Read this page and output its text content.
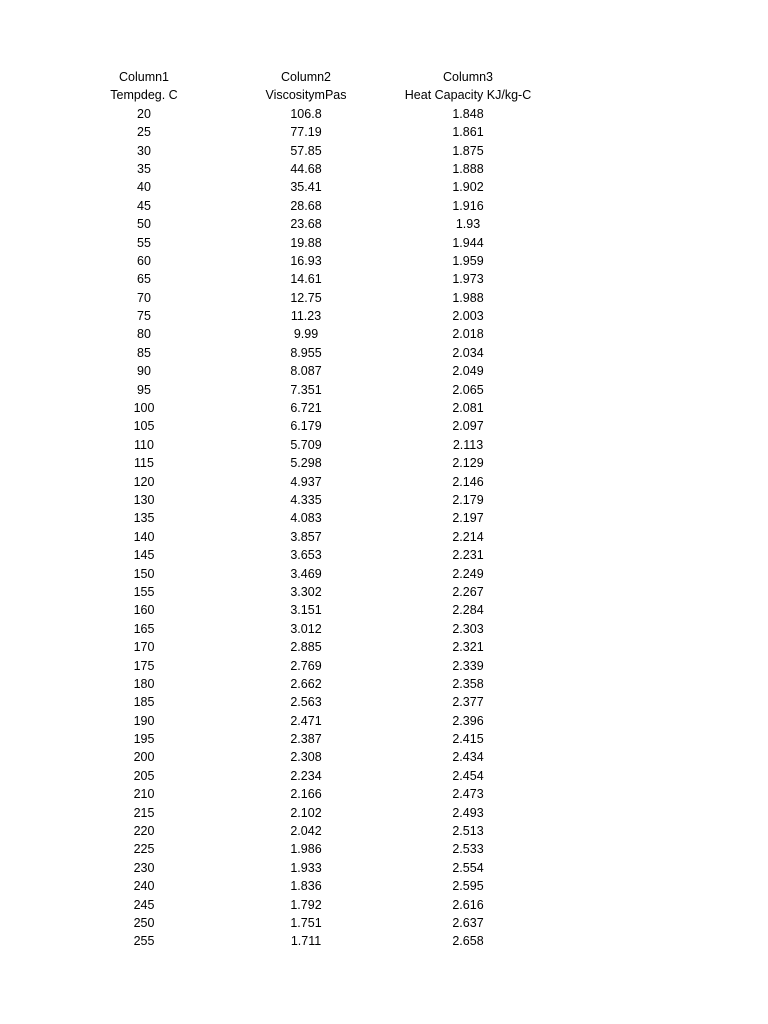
Column1	Column2	Column3
Tempdeg. C	ViscositymPas	Heat Capacity KJ/kg-C
20	106.8	1.848
25	77.19	1.861
30	57.85	1.875
35	44.68	1.888
40	35.41	1.902
45	28.68	1.916
50	23.68	1.93
55	19.88	1.944
60	16.93	1.959
65	14.61	1.973
70	12.75	1.988
75	11.23	2.003
80	9.99	2.018
85	8.955	2.034
90	8.087	2.049
95	7.351	2.065
100	6.721	2.081
105	6.179	2.097
110	5.709	2.113
115	5.298	2.129
120	4.937	2.146
130	4.335	2.179
135	4.083	2.197
140	3.857	2.214
145	3.653	2.231
150	3.469	2.249
155	3.302	2.267
160	3.151	2.284
165	3.012	2.303
170	2.885	2.321
175	2.769	2.339
180	2.662	2.358
185	2.563	2.377
190	2.471	2.396
195	2.387	2.415
200	2.308	2.434
205	2.234	2.454
210	2.166	2.473
215	2.102	2.493
220	2.042	2.513
225	1.986	2.533
230	1.933	2.554
240	1.836	2.595
245	1.792	2.616
250	1.751	2.637
255	1.711	2.658
